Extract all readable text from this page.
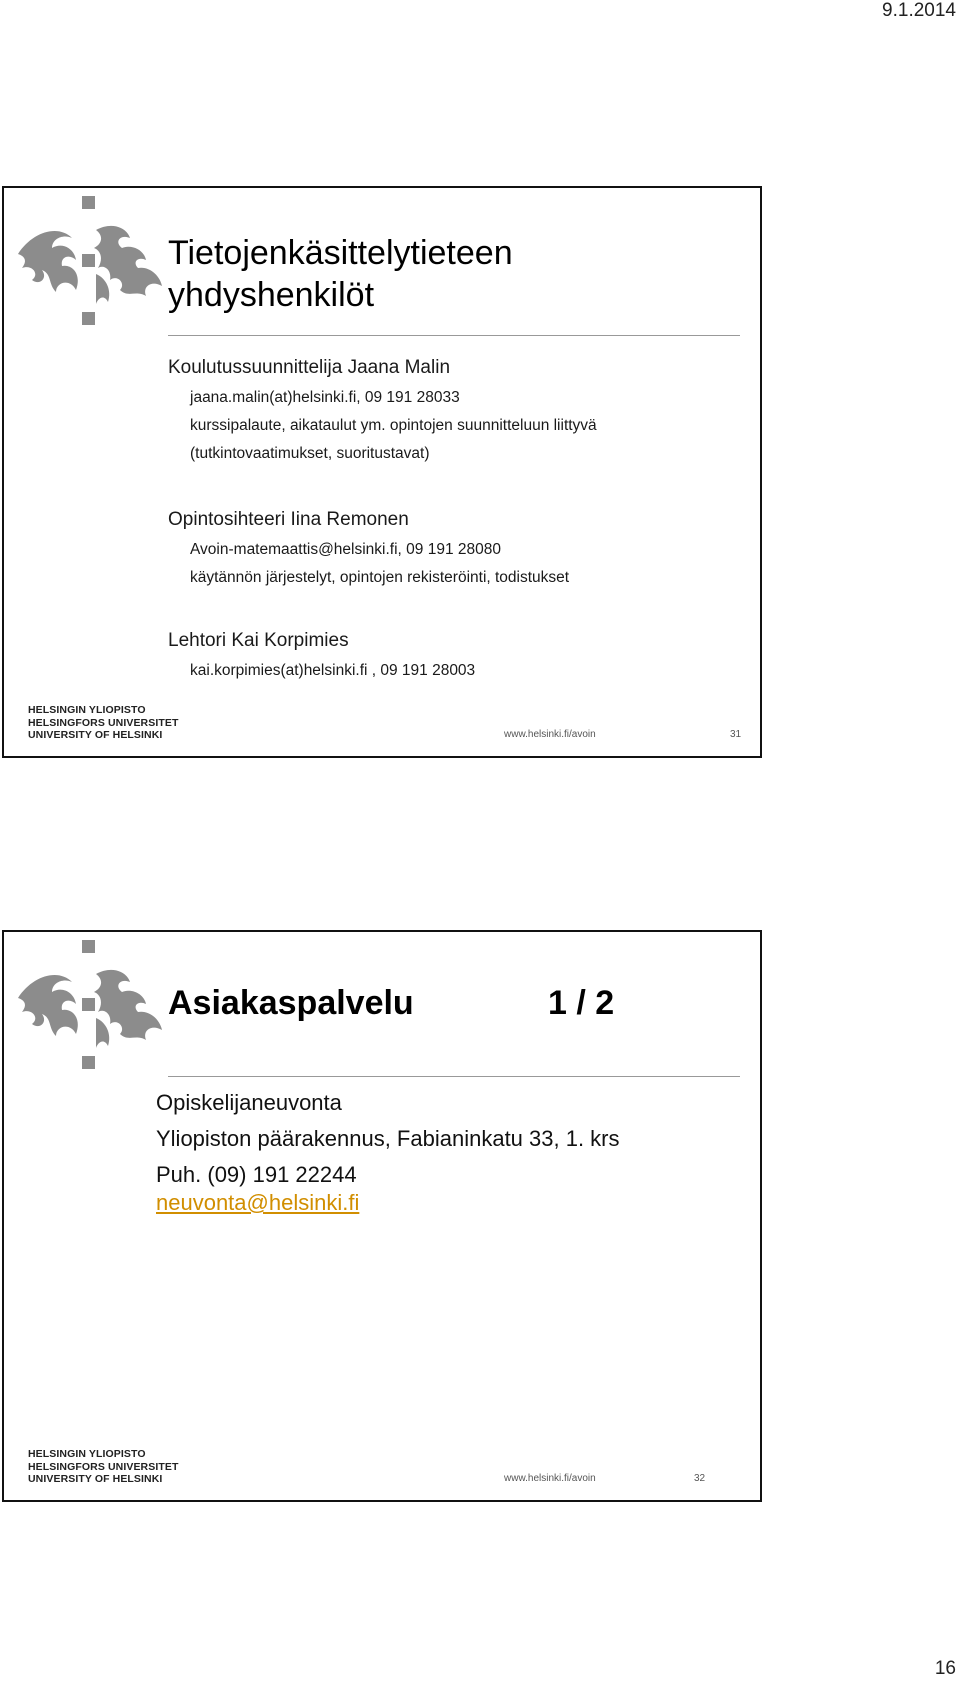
9.1.2014
Tietojenkäsittelytieteen
yhdyshenkilöt

Koulutussuunnittelija Jaana Malin

jaana.malin(at)helsinki.fi, 09 191 28033

kurssipalaute, aikataulut ym. opintojen suunnitteluun liittyvä

(tutkintovaatimukset, suoritustavat)

Opintosihteeri Iina Remonen

Avoin-matemaattis@helsinki.fi, 09 191 28080

käytännön järjestelyt, opintojen rekisteröinti, todistukset

Lehtori Kai Korpimies

kai.korpimies(at)helsinki.fi , 09 191 28003

HELSINGIN YLIOPISTO
HELSINGFORS UNIVERSITET
UNIVERSITY OF HELSINKI	www.helsinki.fi/avoin	31
Asiakaspalvelu	1 / 2

Opiskelijaneuvonta

Yliopiston päärakennus, Fabianinkatu 33, 1. krs

Puh. (09) 191 22244

neuvonta@helsinki.fi
HELSINGIN YLIOPISTO
HELSINGFORS UNIVERSITET
UNIVERSITY OF HELSINKI	www.helsinki.fi/avoin	32
16
